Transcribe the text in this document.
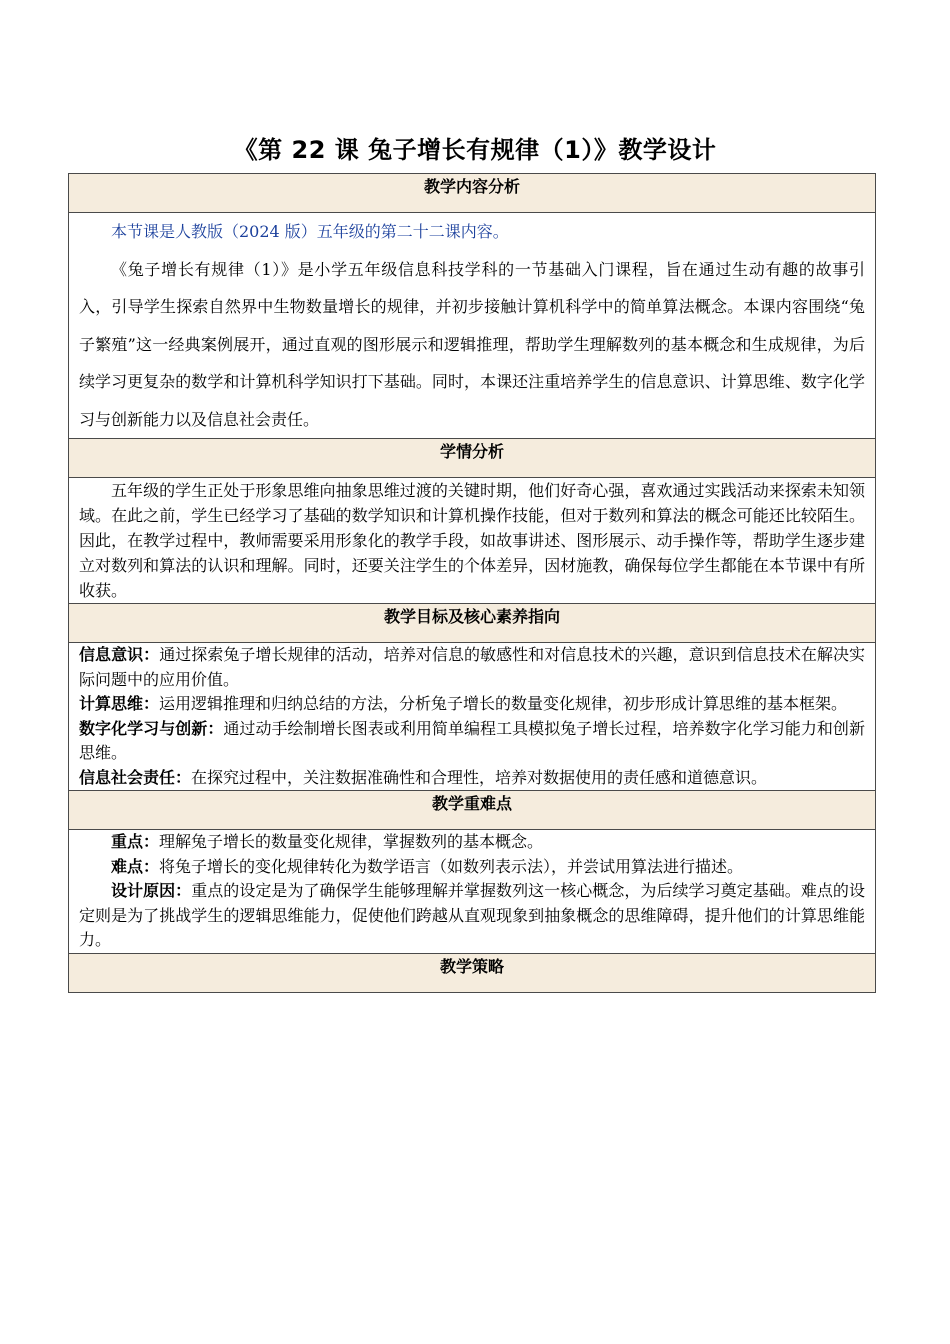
《第 22 课 兔子增长有规律（1）》教学设计
教学内容分析

本节课是人教版（2024 版）五年级的第二十二课内容。

《兔子增长有规律（1）》是小学五年级信息科技学科的一节基础入门课程，旨在通过生动有趣的故事引入，引导学生探索自然界中生物数量增长的规律，并初步接触计算机科学中的简单算法概念。本课内容围绕“兔子繁殖”这一经典案例展开，通过直观的图形展示和逻辑推理，帮助学生理解数列的基本概念和生成规律，为后续学习更复杂的数学和计算机科学知识打下基础。同时，本课还注重培养学生的信息意识、计算思维、数字化学习与创新能力以及信息社会责任。

学情分析

五年级的学生正处于形象思维向抽象思维过渡的关键时期，他们好奇心强，喜欢通过实践活动来探索未知领域。在此之前，学生已经学习了基础的数学知识和计算机操作技能，但对于数列和算法的概念可能还比较陌生。因此，在教学过程中，教师需要采用形象化的教学手段，如故事讲述、图形展示、动手操作等，帮助学生逐步建立对数列和算法的认识和理解。同时，还要关注学生的个体差异，因材施教，确保每位学生都能在本节课中有所收获。

教学目标及核心素养指向

信息意识：通过探索兔子增长规律的活动，培养对信息的敏感性和对信息技术的兴趣，意识到信息技术在解决实际问题中的应用价值。

计算思维：运用逻辑推理和归纳总结的方法，分析兔子增长的数量变化规律，初步形成计算思维的基本框架。

数字化学习与创新：通过动手绘制增长图表或利用简单编程工具模拟兔子增长过程，培养数字化学习能力和创新思维。

信息社会责任：在探究过程中，关注数据准确性和合理性，培养对数据使用的责任感和道德意识。

教学重难点

重点：理解兔子增长的数量变化规律，掌握数列的基本概念。

难点：将兔子增长的变化规律转化为数学语言（如数列表示法），并尝试用算法进行描述。

设计原因：重点的设定是为了确保学生能够理解并掌握数列这一核心概念，为后续学习奠定基础。难点的设定则是为了挑战学生的逻辑思维能力，促使他们跨越从直观现象到抽象概念的思维障碍，提升他们的计算思维能力。

教学策略
